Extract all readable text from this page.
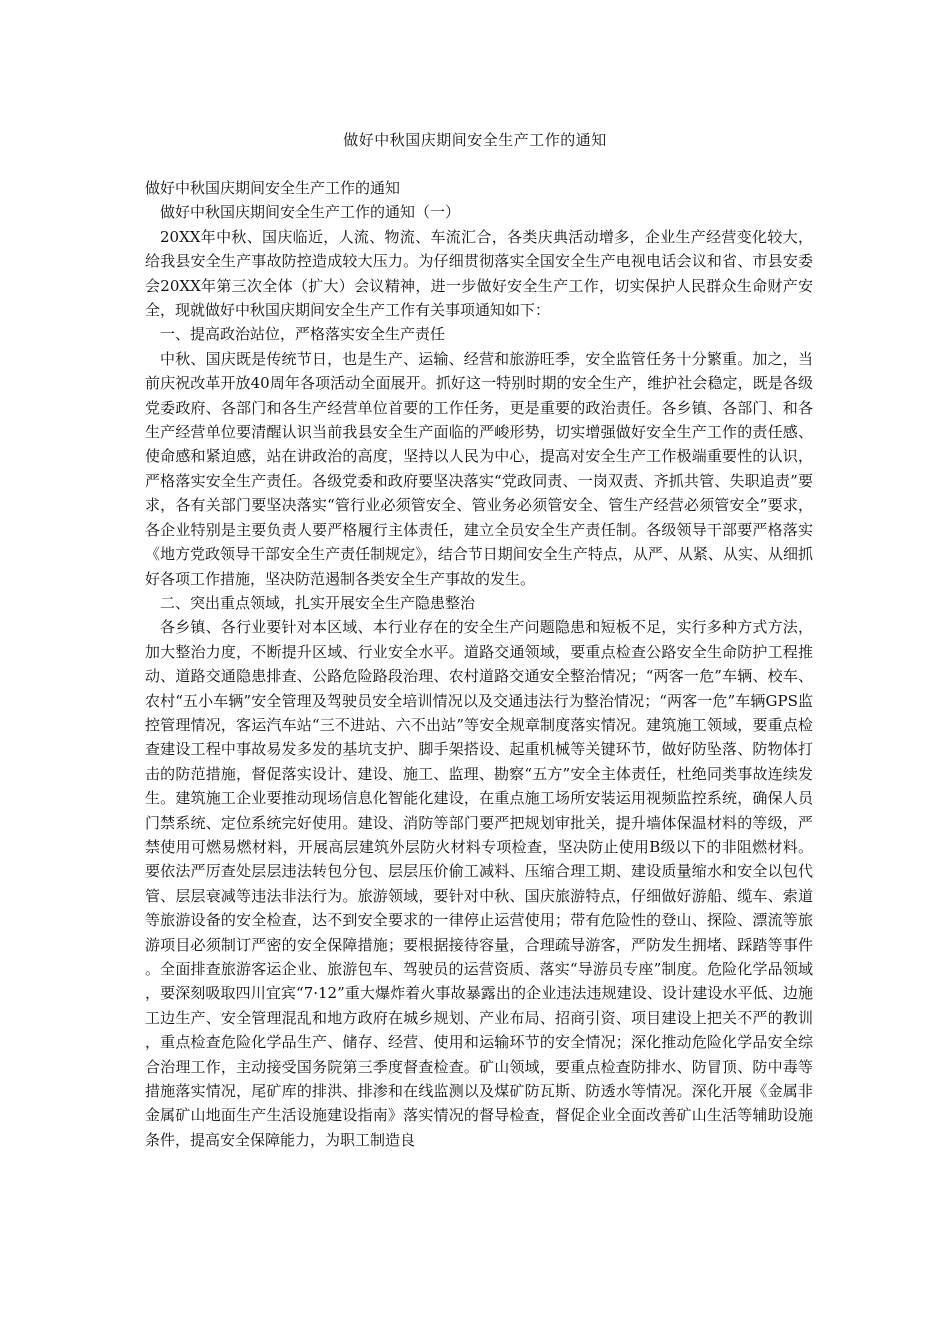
做好中秋国庆期间安全生产工作的通知

做好中秋国庆期间安全生产工作的通知

做好中秋国庆期间安全生产工作的通知（一）

20XX年中秋、国庆临近，人流、物流、车流汇合，各类庆典活动增多，企业生产经营变化较大，给我县安全生产事故防控造成较大压力。为仔细贯彻落实全国安全生产电视电话会议和省、市县安委会20XX年第三次全体（扩大）会议精神，进一步做好安全生产工作，切实保护人民群众生命财产安全，现就做好中秋国庆期间安全生产工作有关事项通知如下：

一、提高政治站位，严格落实安全生产责任

中秋、国庆既是传统节日，也是生产、运输、经营和旅游旺季，安全监管任务十分繁重。加之，当前庆祝改革开放40周年各项活动全面展开。抓好这一特别时期的安全生产，维护社会稳定，既是各级党委政府、各部门和各生产经营单位首要的工作任务，更是重要的政治责任。各乡镇、各部门、和各生产经营单位要清醒认识当前我县安全生产面临的严峻形势，切实增强做好安全生产工作的责任感、使命感和紧迫感，站在讲政治的高度，坚持以人民为中心，提高对安全生产工作极端重要性的认识，严格落实安全生产责任。各级党委和政府要坚决落实“党政同责、一岗双责、齐抓共管、失职追责”要求，各有关部门要坚决落实“管行业必须管安全、管业务必须管安全、管生产经营必须管安全”要求，各企业特别是主要负责人要严格履行主体责任，建立全员安全生产责任制。各级领导干部要严格落实《地方党政领导干部安全生产责任制规定》，结合节日期间安全生产特点，从严、从紧、从实、从细抓好各项工作措施，坚决防范遏制各类安全生产事故的发生。

二、突出重点领域，扎实开展安全生产隐患整治

各乡镇、各行业要针对本区域、本行业存在的安全生产问题隐患和短板不足，实行多种方式方法，加大整治力度，不断提升区域、行业安全水平。道路交通领域，要重点检查公路安全生命防护工程推动、道路交通隐患排查、公路危险路段治理、农村道路交通安全整治情况；“两客一危”车辆、校车、农村“五小车辆”安全管理及驾驶员安全培训情况以及交通违法行为整治情况；“两客一危”车辆GPS监控管理情况，客运汽车站“三不进站、六不出站”等安全规章制度落实情况。建筑施工领域，要重点检查建设工程中事故易发多发的基坑支护、脚手架搭设、起重机械等关键环节，做好防坠落、防物体打击的防范措施，督促落实设计、建设、施工、监理、勘察“五方”安全主体责任，杜绝同类事故连续发生。建筑施工企业要推动现场信息化智能化建设，在重点施工场所安装运用视频监控系统，确保人员门禁系统、定位系统完好使用。建设、消防等部门要严把规划审批关，提升墙体保温材料的等级，严禁使用可燃易燃材料，开展高层建筑外层防火材料专项检查，坚决防止使用B级以下的非阻燃材料。要依法严厉查处层层违法转包分包、层层压价偷工减料、压缩合理工期、建设质量缩水和安全以包代管、层层衰减等违法非法行为。旅游领域，要针对中秋、国庆旅游特点，仔细做好游船、缆车、索道等旅游设备的安全检查，达不到安全要求的一律停止运营使用；带有危险性的登山、探险、漂流等旅游项目必须制订严密的安全保障措施；要根据接待容量，合理疏导游客，严防发生拥堵、踩踏等事件。全面排查旅游客运企业、旅游包车、驾驶员的运营资质、落实“导游员专座”制度。危险化学品领域，要深刻吸取四川宜宾“7·12”重大爆炸着火事故暴露出的企业违法违规建设、设计建设水平低、边施工边生产、安全管理混乱和地方政府在城乡规划、产业布局、招商引资、项目建设上把关不严的教训，重点检查危险化学品生产、储存、经营、使用和运输环节的安全情况；深化推动危险化学品安全综合治理工作，主动接受国务院第三季度督查检查。矿山领域，要重点检查防排水、防冒顶、防中毒等措施落实情况，尾矿库的排洪、排渗和在线监测以及煤矿防瓦斯、防透水等情况。深化开展《金属非金属矿山地面生产生活设施建设指南》落实情况的督导检查，督促企业全面改善矿山生活等辅助设施条件，提高安全保障能力，为职工制造良
